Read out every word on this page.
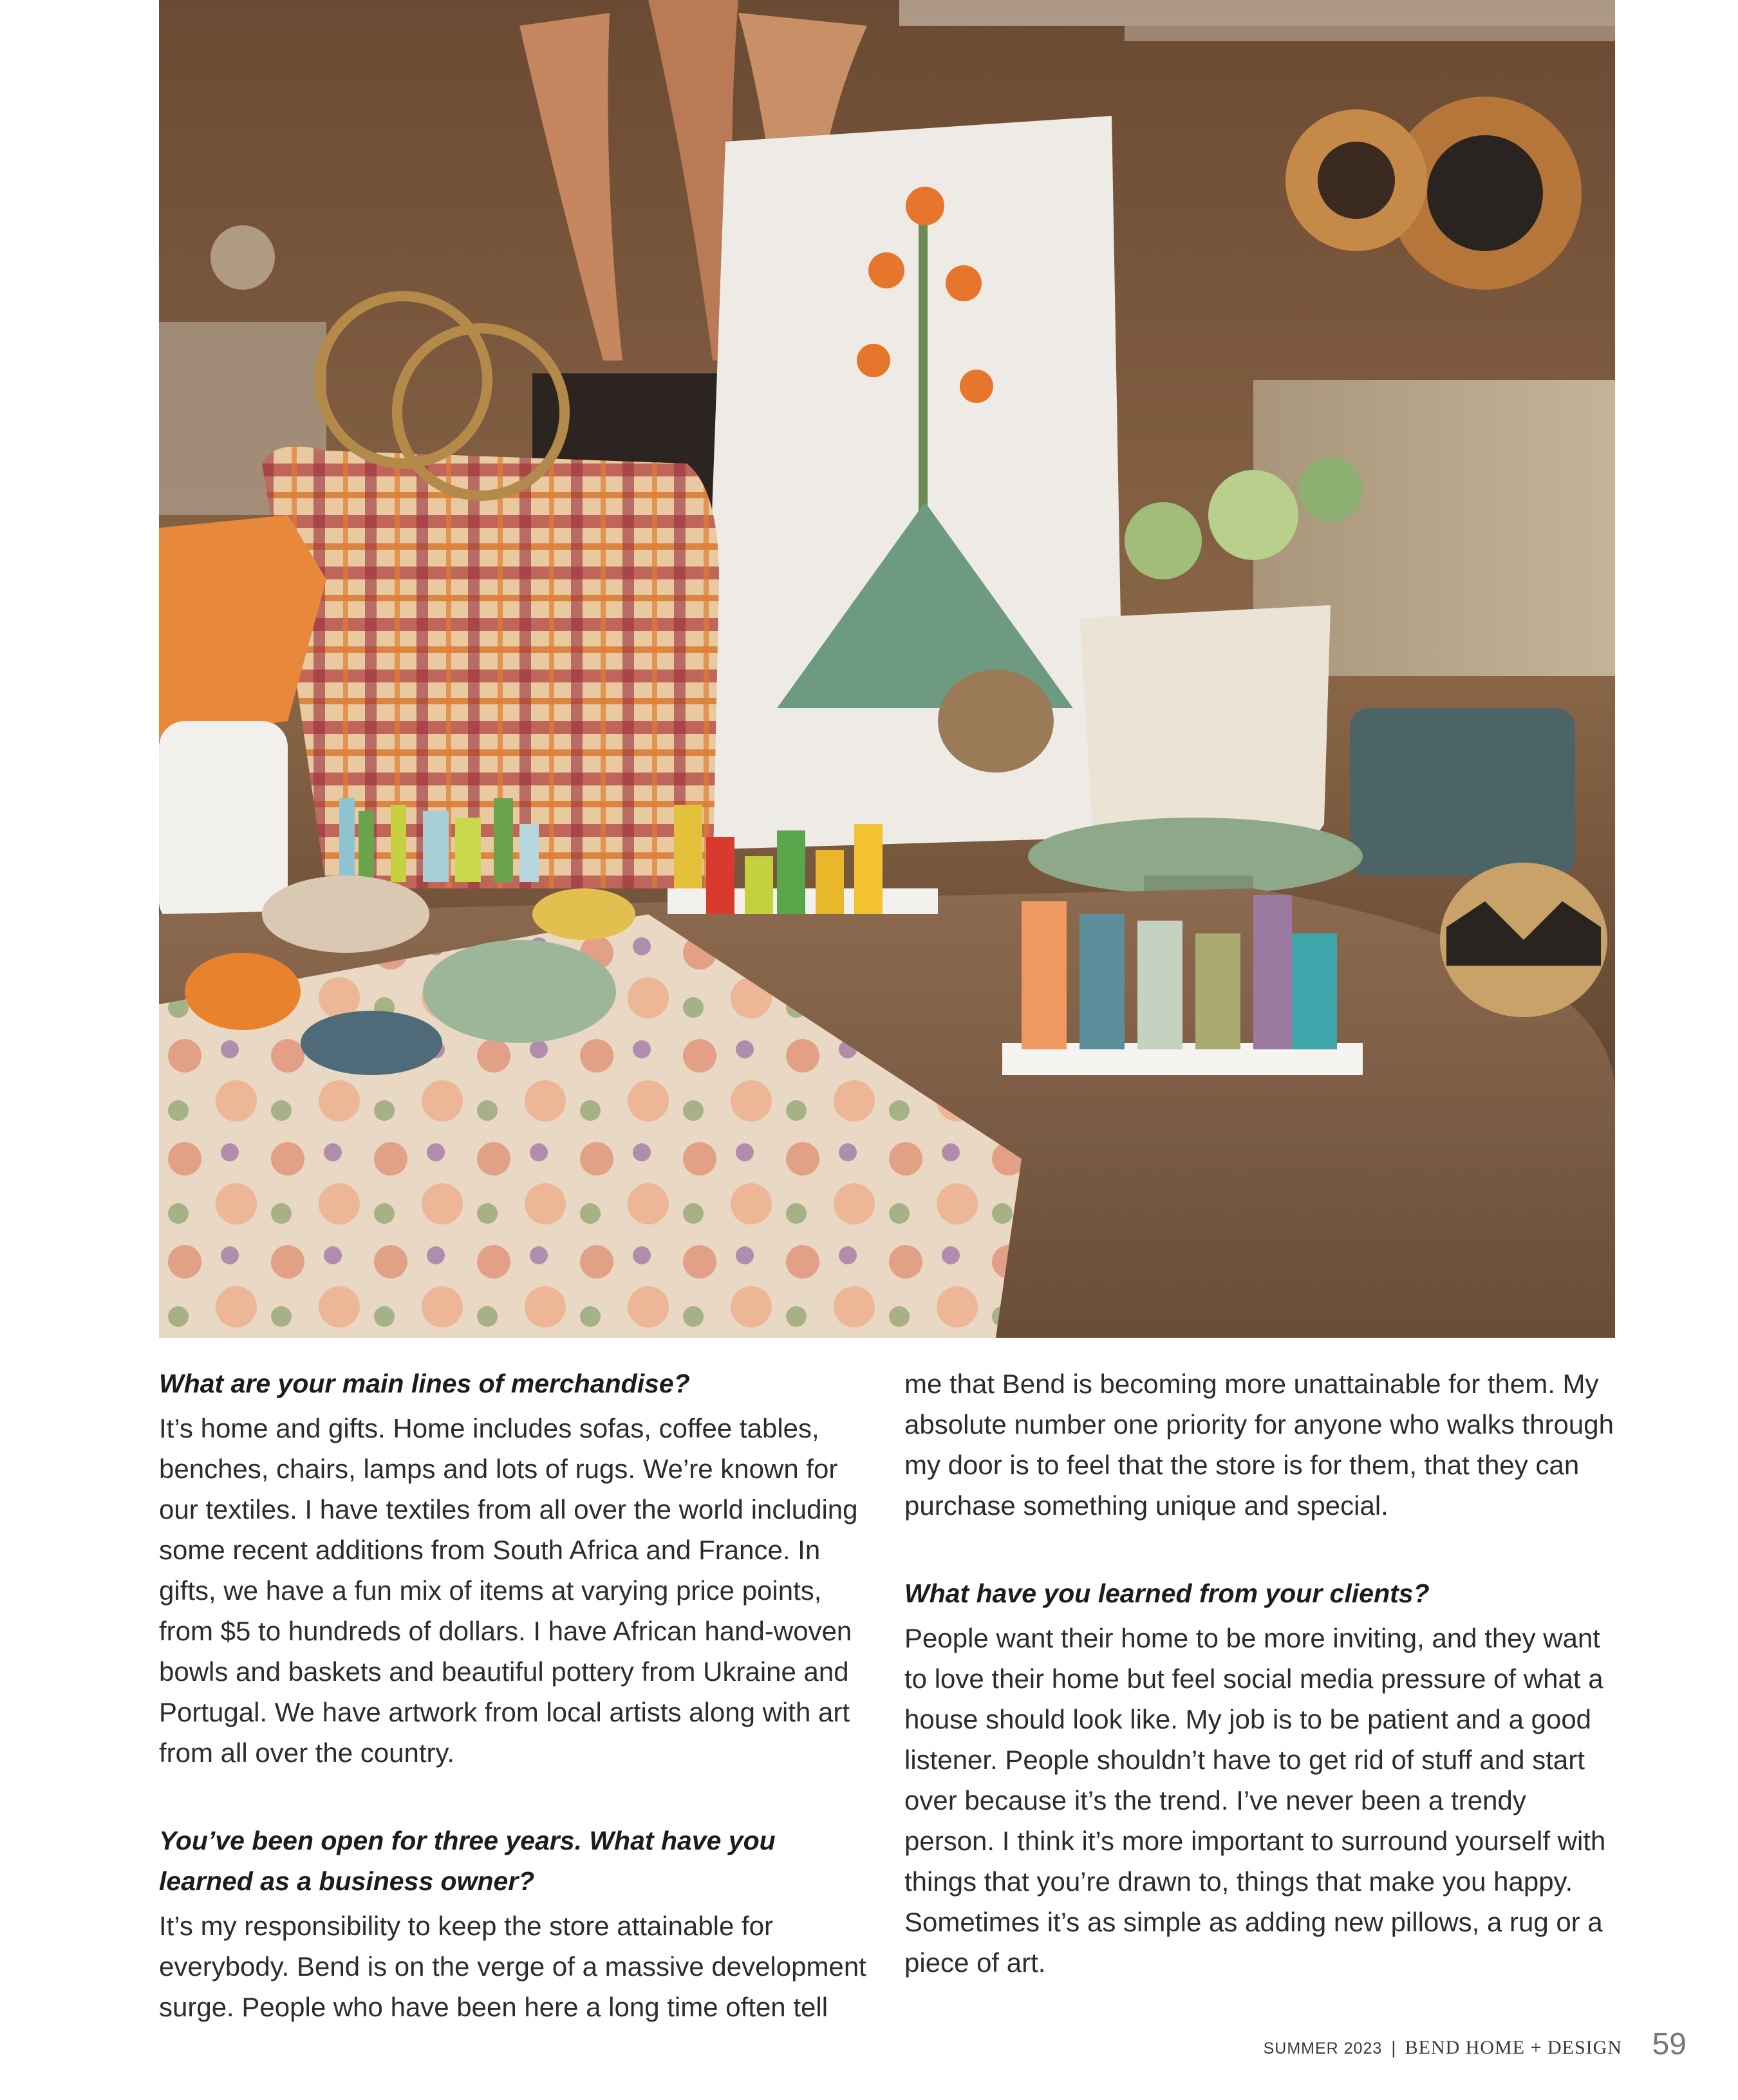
What are your main lines of merchandise?

It’s home and gifts. Home includes sofas, coffee tables, benches, chairs, lamps and lots of rugs. We’re known for our textiles. I have textiles from all over the world including some recent additions from South Africa and France. In gifts, we have a fun mix of items at varying price points, from $5 to hundreds of dollars. I have African hand-woven bowls and baskets and beautiful pottery from Ukraine and Portugal. We have artwork from local artists along with art from all over the country.

You’ve been open for three years. What have you learned as a business owner?

It’s my responsibility to keep the store attainable for everybody. Bend is on the verge of a massive development surge. People who have been here a long time often tell

me that Bend is becoming more unattainable for them. My absolute number one priority for anyone who walks through my door is to feel that the store is for them, that they can purchase something unique and special.

What have you learned from your clients?

People want their home to be more inviting, and they want to love their home but feel social media pressure of what a house should look like. My job is to be patient and a good listener. People shouldn’t have to get rid of stuff and start over because it’s the trend. I’ve never been a trendy person. I think it’s more important to surround yourself with things that you’re drawn to, things that make you happy. Sometimes it’s as simple as adding new pillows, a rug or a piece of art.

SUMMER 2023 | BEND HOME + DESIGN 59
